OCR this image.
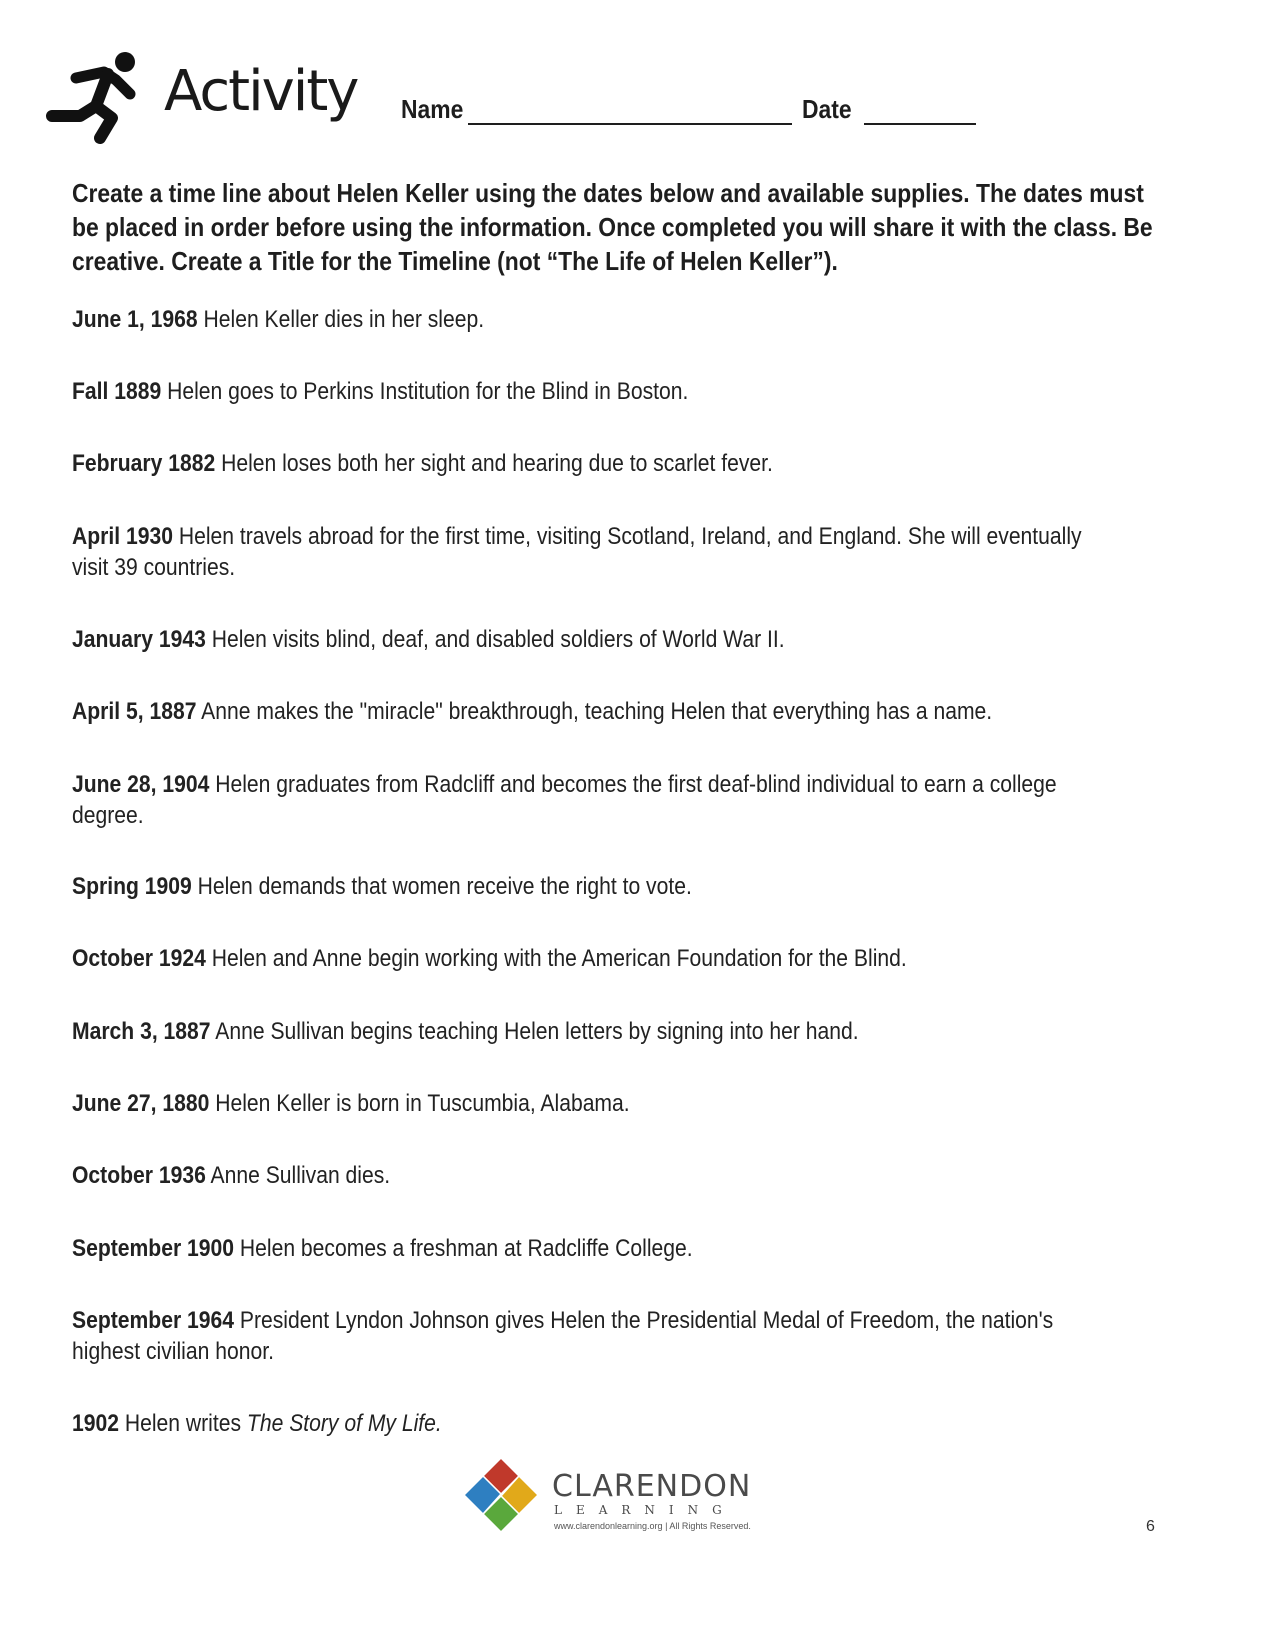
Activity Name	Date

Create a time line about Helen Keller using the dates below and available supplies. The dates must be placed in order before using the information. Once completed you will share it with the class. Be creative. Create a Title for the Timeline (not “The Life of Helen Keller”).

June 1, 1968 Helen Keller dies in her sleep.

Fall 1889 Helen goes to Perkins Institution for the Blind in Boston.

February 1882 Helen loses both her sight and hearing due to scarlet fever.

April 1930 Helen travels abroad for the first time, visiting Scotland, Ireland, and England. She will eventually visit 39 countries.

January 1943 Helen visits blind, deaf, and disabled soldiers of World War II.

April 5, 1887 Anne makes the "miracle" breakthrough, teaching Helen that everything has a name.

June 28, 1904 Helen graduates from Radcliff and becomes the first deaf-blind individual to earn a college degree.

Spring 1909 Helen demands that women receive the right to vote.

October 1924 Helen and Anne begin working with the American Foundation for the Blind.

March 3, 1887 Anne Sullivan begins teaching Helen letters by signing into her hand.

June 27, 1880 Helen Keller is born in Tuscumbia, Alabama.

October 1936 Anne Sullivan dies.

September 1900 Helen becomes a freshman at Radcliffe College.

September 1964 President Lyndon Johnson gives Helen the Presidential Medal of Freedom, the nation's highest civilian honor.

1902 Helen writes The Story of My Life.

CLARENDON
LEARNING
www.clarendonlearning.org | All Rights Reserved.	6
